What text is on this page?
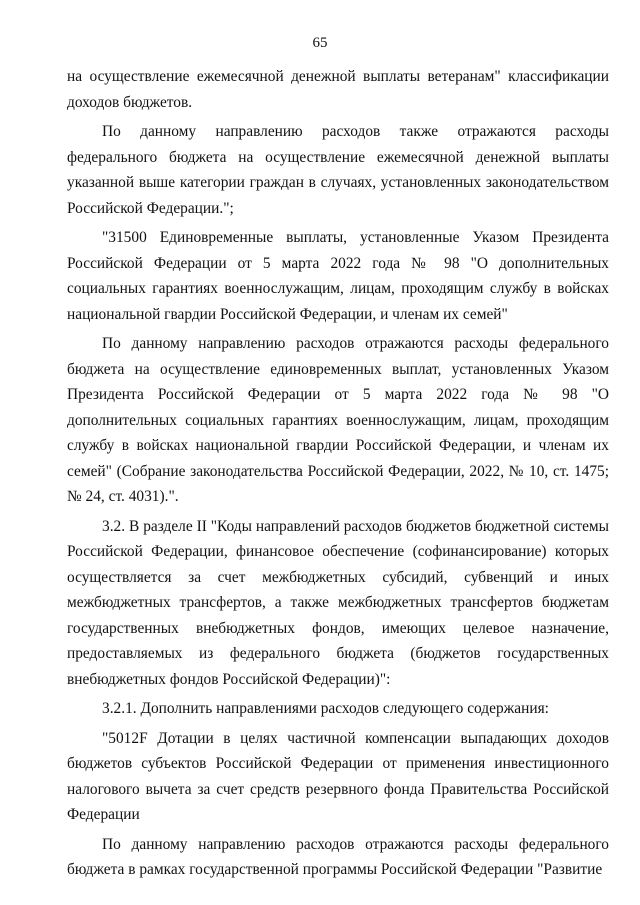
65

на осуществление ежемесячной денежной выплаты ветеранам" классификации доходов бюджетов.

По данному направлению расходов также отражаются расходы федерального бюджета на осуществление ежемесячной денежной выплаты указанной выше категории граждан в случаях, установленных законодательством Российской Федерации.";

"31500 Единовременные выплаты, установленные Указом Президента Российской Федерации от 5 марта 2022 года № 98 "О дополнительных социальных гарантиях военнослужащим, лицам, проходящим службу в войсках национальной гвардии Российской Федерации, и членам их семей"

По данному направлению расходов отражаются расходы федерального бюджета на осуществление единовременных выплат, установленных Указом Президента Российской Федерации от 5 марта 2022 года № 98 "О дополнительных социальных гарантиях военнослужащим, лицам, проходящим службу в войсках национальной гвардии Российской Федерации, и членам их семей" (Собрание законодательства Российской Федерации, 2022, № 10, ст. 1475; № 24, ст. 4031).".

3.2. В разделе II "Коды направлений расходов бюджетов бюджетной системы Российской Федерации, финансовое обеспечение (софинансирование) которых осуществляется за счет межбюджетных субсидий, субвенций и иных межбюджетных трансфертов, а также межбюджетных трансфертов бюджетам государственных внебюджетных фондов, имеющих целевое назначение, предоставляемых из федерального бюджета (бюджетов государственных внебюджетных фондов Российской Федерации)":

3.2.1. Дополнить направлениями расходов следующего содержания:

"5012F Дотации в целях частичной компенсации выпадающих доходов бюджетов субъектов Российской Федерации от применения инвестиционного налогового вычета за счет средств резервного фонда Правительства Российской Федерации

По данному направлению расходов отражаются расходы федерального бюджета в рамках государственной программы Российской Федерации "Развитие
